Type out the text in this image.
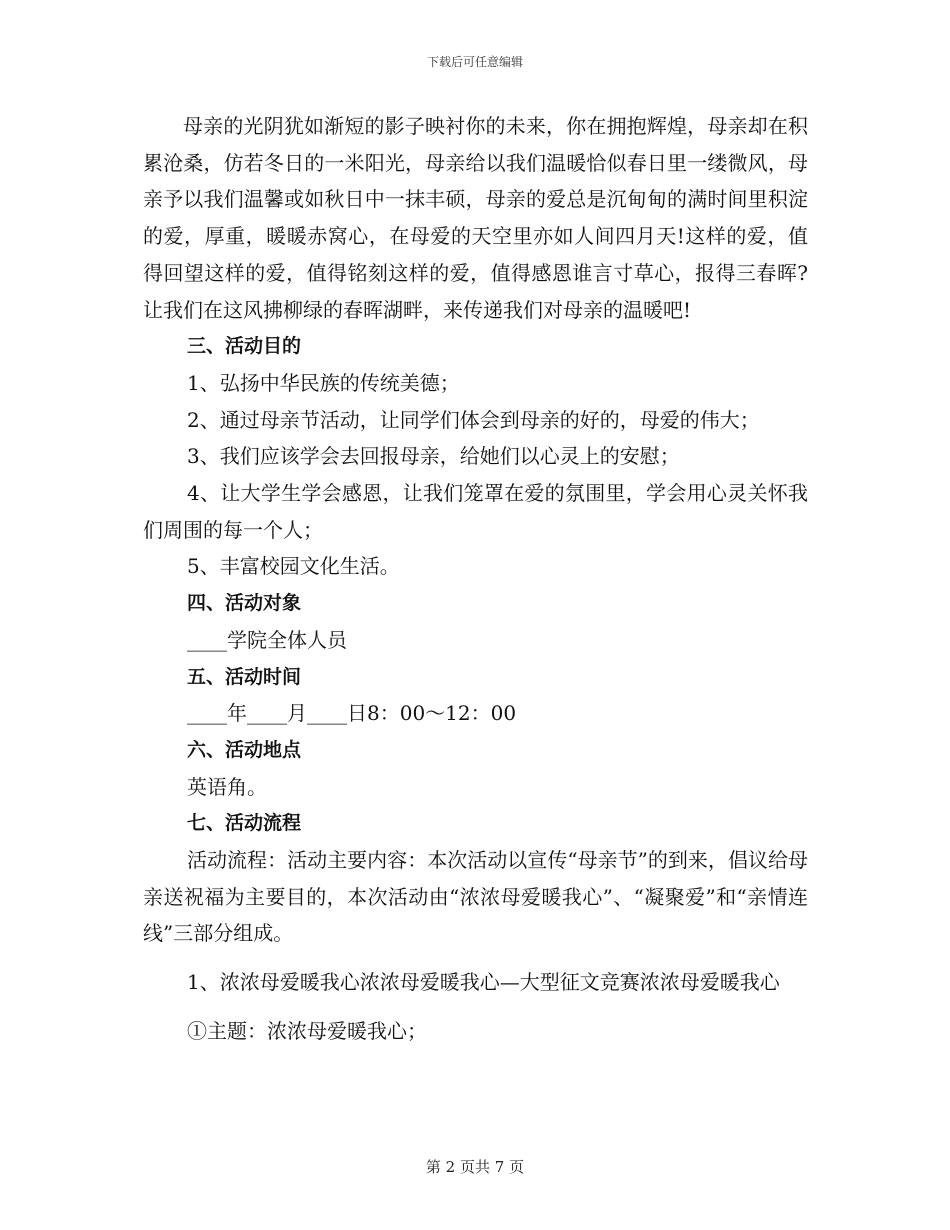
下载后可任意编辑

母亲的光阴犹如渐短的影子映衬你的未来，你在拥抱辉煌，母亲却在积累沧桑，仿若冬日的一米阳光，母亲给以我们温暖恰似春日里一缕微风，母亲予以我们温馨或如秋日中一抹丰硕，母亲的爱总是沉甸甸的满时间里积淀的爱，厚重，暖暖赤窝心，在母爱的天空里亦如人间四月天!这样的爱，值得回望这样的爱，值得铭刻这样的爱，值得感恩谁言寸草心，报得三春晖?让我们在这风拂柳绿的春晖湖畔，来传递我们对母亲的温暖吧!

三、活动目的

1、弘扬中华民族的传统美德；

2、通过母亲节活动，让同学们体会到母亲的好的，母爱的伟大；

3、我们应该学会去回报母亲，给她们以心灵上的安慰；

4、让大学生学会感恩，让我们笼罩在爱的氛围里，学会用心灵关怀我们周围的每一个人；

5、丰富校园文化生活。

四、活动对象

____学院全体人员

五、活动时间

____年____月____日8：00～12：00

六、活动地点

英语角。

七、活动流程

活动流程：活动主要内容：本次活动以宣传“母亲节”的到来，倡议给母亲送祝福为主要目的，本次活动由“浓浓母爱暖我心”、“凝聚爱”和“亲情连线”三部分组成。

1、浓浓母爱暖我心浓浓母爱暖我心—大型征文竞赛浓浓母爱暖我心

①主题：浓浓母爱暖我心；

第 2 页共 7 页
